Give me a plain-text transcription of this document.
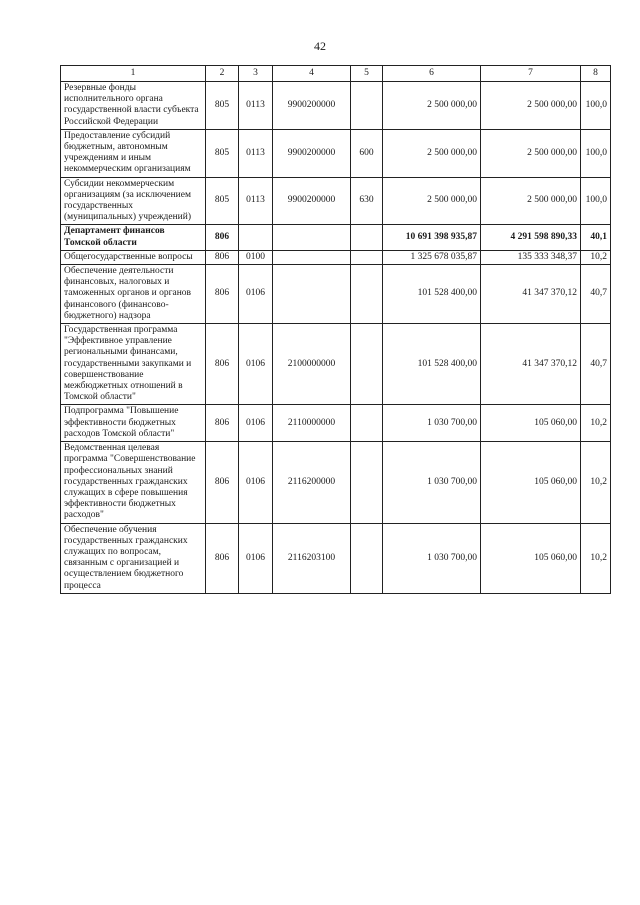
42
1	2	3	4	5	6	7	8
Резервные фонды исполнительного органа государственной власти субъекта Российской Федерации	805	0113	9900200000		2 500 000,00	2 500 000,00	100,0
Предоставление субсидий бюджетным, автономным учреждениям и иным некоммерческим организациям	805	0113	9900200000	600	2 500 000,00	2 500 000,00	100,0
Субсидии некоммерческим организациям (за исключением государственных (муниципальных) учреждений)	805	0113	9900200000	630	2 500 000,00	2 500 000,00	100,0
Департамент финансов Томской области	806				10 691 398 935,87	4 291 598 890,33	40,1
Общегосударственные вопросы	806	0100			1 325 678 035,87	135 333 348,37	10,2
Обеспечение деятельности финансовых, налоговых и таможенных органов и органов финансового (финансово-бюджетного) надзора	806	0106			101 528 400,00	41 347 370,12	40,7
Государственная программа "Эффективное управление региональными финансами, государственными закупками и совершенствование межбюджетных отношений в Томской области"	806	0106	2100000000		101 528 400,00	41 347 370,12	40,7
Подпрограмма "Повышение эффективности бюджетных расходов Томской области"	806	0106	2110000000		1 030 700,00	105 060,00	10,2
Ведомственная целевая программа "Совершенствование профессиональных знаний государственных гражданских служащих в сфере повышения эффективности бюджетных расходов"	806	0106	2116200000		1 030 700,00	105 060,00	10,2
Обеспечение обучения государственных гражданских служащих по вопросам, связанным с организацией и осуществлением бюджетного процесса	806	0106	2116203100		1 030 700,00	105 060,00	10,2
